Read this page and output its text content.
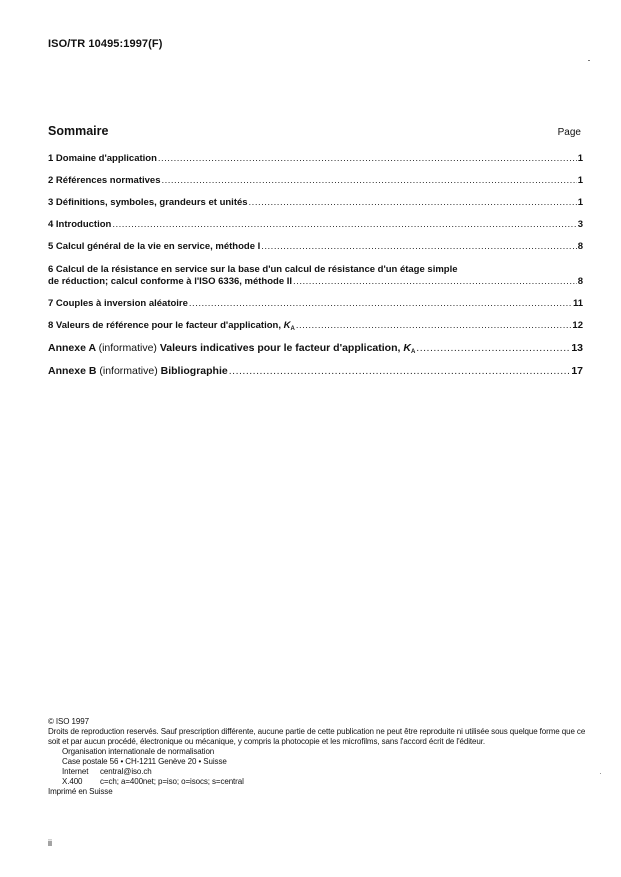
ISO/TR 10495:1997(F)
Sommaire	Page
1 Domaine d'application .....	1
2 Références normatives .....	1
3 Définitions, symboles, grandeurs et unités .....	1
4 Introduction .....	3
5 Calcul général de la vie en service, méthode I .....	8
6 Calcul de la résistance en service sur la base d'un calcul de résistance d'un étage simple
de réduction; calcul conforme à l'ISO 6336, méthode II .....	8
7 Couples à inversion aléatoire .....	11
8 Valeurs de référence pour le facteur d'application, $K_A$ .....	12
Annexe A (informative) Valeurs indicatives pour le facteur d'application, $K_A$ .....	13
Annexe B (informative) Bibliographie .....	17
© ISO 1997
Droits de reproduction reservés. Sauf prescription différente, aucune partie de cette publication ne peut être reproduite ni utilisée sous quelque forme que ce soit et par aucun procédé, électronique ou mécanique, y compris la photocopie et les microfilms, sans l'accord écrit de l'éditeur.
Organisation internationale de normalisation
Case postale 56 • CH-1211 Genève 20 • Suisse
Internet	central@iso.ch
X.400	c=ch; a=400net; p=iso; o=isocs; s=central
Imprimé en Suisse
ii
